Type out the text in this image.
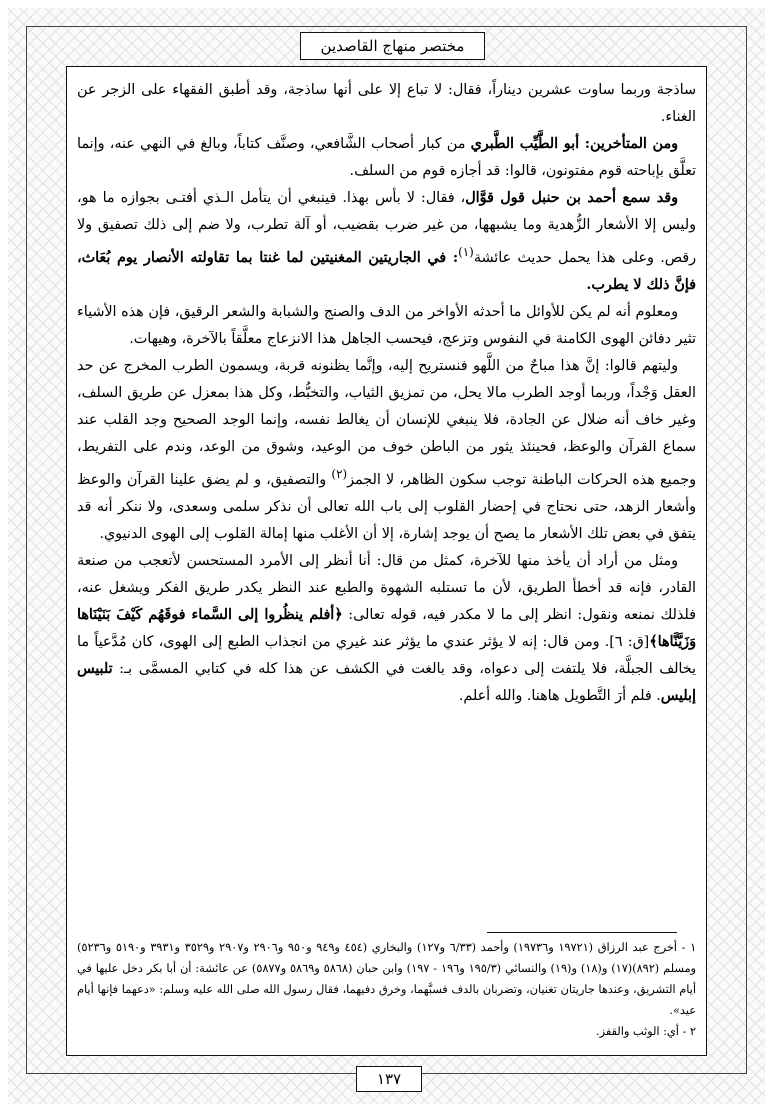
مختصر منهاج القاصدين

ساذجة وربما ساوت عشرين ديناراً، فقال: لا تباع إلا على أنها ساذجة، وقد أطبق الفقهاء على الزجر عن الغناء.

ومن المتأخرين: أبو الطَّيِّب الطَّبري من كبار أصحاب الشَّافعي، وصنَّف كتاباً، وبالغ في النهي عنه، وإنما تعلَّق بإباحته قوم مفتونون، قالوا: قد أجازه قوم من السلف.

وقد سمع أحمد بن حنبل قول قوَّال، فقال: لا بأس بهذا. فينبغي أن يتأمل الـذي أفتـى بجوازه ما هو، وليس إلا الأشعار الزُّهدية وما يشبهها، من غير ضرب بقضيب، أو آلة تطرب، ولا ضم إلى ذلك تصفيق ولا رقص. وعلى هذا يحمل حديث عائشة$^{(١)}$: في الجاريتين المغنيتين لما غنتا بما تقاولته الأنصار يوم بُعَاث، فإنَّ ذلك لا يطرب.

ومعلوم أنه لم يكن للأوائل ما أحدثه الأواخر من الدف والصنج والشبابة والشعر الرقيق، فإن هذه الأشياء تثير دفائن الهوى الكامنة في النفوس وتزعج، فيحسب الجاهل هذا الانزعاج معلَّقاً بالآخرة، وهيهات.

وليتهم قالوا: إنَّ هذا مباحٌ من اللَّهو فنستريح إليه، وإنَّما يظنونه قربة، ويسمون الطرب المخرج عن حد العقل وَجْداً، وربما أوجد الطرب مالا يحل، من تمزيق الثياب، والتخبُّط، وكل هذا بمعزل عن طريق السلف، وغير خاف أنه ضلال عن الجادة، فلا ينبغي للإنسان أن يغالط نفسه، وإنما الوجد الصحيح وجد القلب عند سماع القرآن والوعظ، فحينئذ يثور من الباطن خوف من الوعيد، وشوق من الوعد، وندم على التفريط، وجميع هذه الحركات الباطنة توجب سكون الظاهر، لا الجمز$^{(٢)}$ والتصفيق، و لم يضق علينا القرآن والوعظ وأشعار الزهد، حتى نحتاج في إحضار القلوب إلى باب الله تعالى أن نذكر سلمى وسعدى، ولا ننكر أنه قد يتفق في بعض تلك الأشعار ما يصح أن يوجد إشارة، إلا أن الأغلب منها إمالة القلوب إلى الهوى الدنيوي.

ومثل من أراد أن يأخذ منها للآخرة، كمثل من قال: أنا أنظر إلى الأمرد المستحسن لأتعجب من صنعة القادر، فإنه قد أخطأ الطريق، لأن ما تستلبه الشهوة والطبع عند النظر يكدر طريق الفكر ويشغل عنه، فلذلك نمنعه ونقول: انظر إلى ما لا مكدر فيه، قوله تعالى: ﴿أفلم ينظُروا إلى السَّماء فوقَهُم كَيْفَ بَنَيْنَاها وَزَيَّنَّاها﴾[ق: ٦]. ومن قال: إنه لا يؤثر عندي ما يؤثر عند غيري من انجذاب الطبع إلى الهوى، كان مُدَّعياً ما يخالف الجبلَّة، فلا يلتفت إلى دعواه، وقد بالغت في الكشف عن هذا كله في كتابي المسمَّى بـ: تلبيس إبليس. فلم أرَ التَّطويل هاهنا. والله أعلم.

١ - أخرج عبد الرزاق (١٩٧٢١ و١٩٧٣٦) وأحمد (٦/٣٣ و١٢٧) والبخاري (٤٥٤ و٩٤٩ و٩٥٠ و٢٩٠٦ و٢٩٠٧ و٣٥٢٩ و٣٩٣١ و٥١٩٠ و٥٢٣٦) ومسلم (٨٩٢)(١٧) و(١٨) و(١٩) والنسائي (١٩٥/٣ و١٩٦ - ١٩٧) وابن حبان (٥٨٦٨ و٥٨٦٩ و٥٨٧٧) عن عائشة: أن أبا بكر دخل عليها في أيام التشريق، وعندها جاريتان تغنيان، وتضربان بالدف فسبَّهما، وخرق دفيهما، فقال رسول الله صلى الله عليه وسلم: «دعهما فإنها أيام عيد».

٢ - أي: الوثب والقفز.

١٣٧
